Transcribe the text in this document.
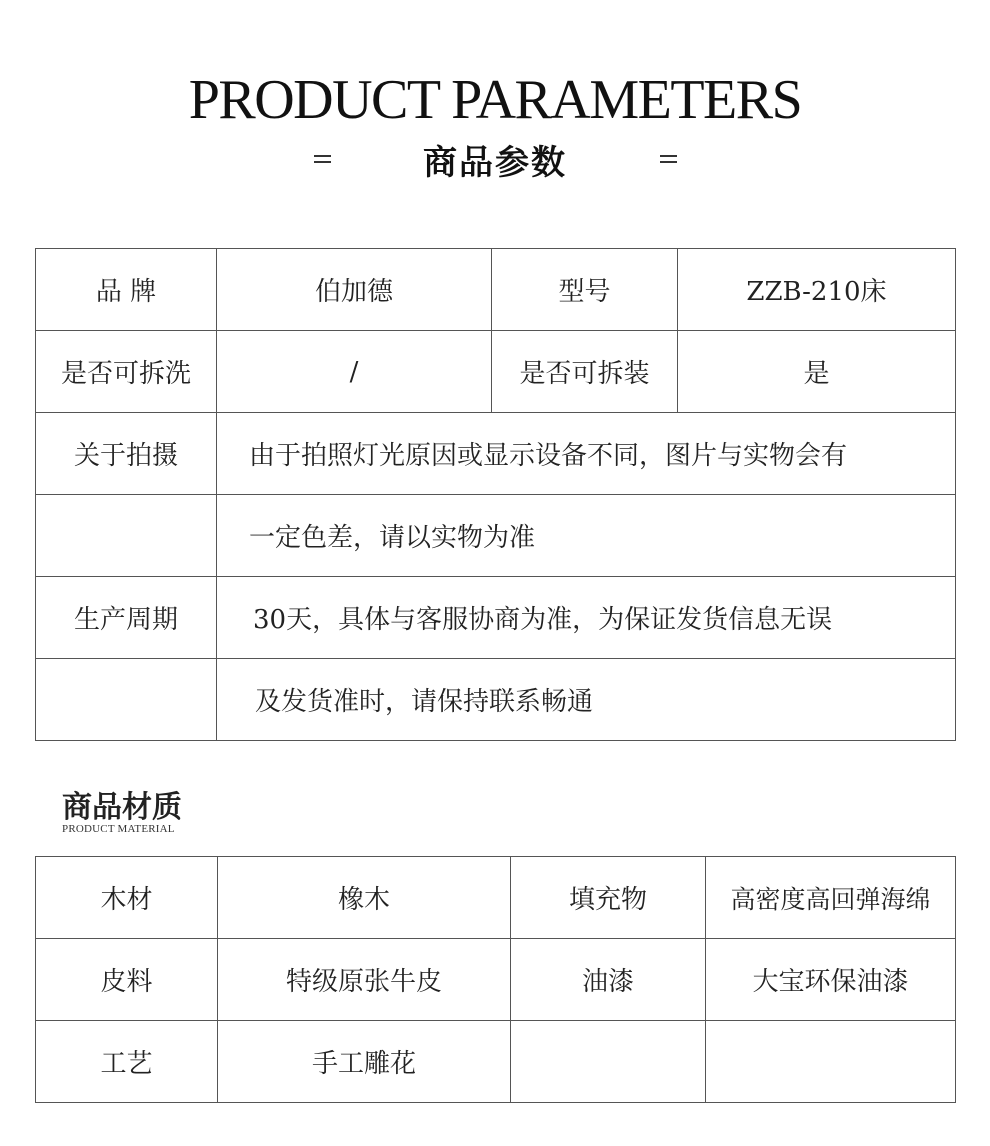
PRODUCT PARAMETERS
商品参数
品 牌	伯加德	型号	ZZB-210床
是否可拆洗	/	是否可拆装	是
关于拍摄	由于拍照灯光原因或显示设备不同，图片与实物会有		
	一定色差，请以实物为准		
生产周期	30天，具体与客服协商为准，为保证发货信息无误		
	及发货准时，请保持联系畅通		
商品材质
PRODUCT MATERIAL
木材	橡木	填充物	高密度高回弹海绵
皮料	特级原张牛皮	油漆	大宝环保油漆
工艺	手工雕花		
